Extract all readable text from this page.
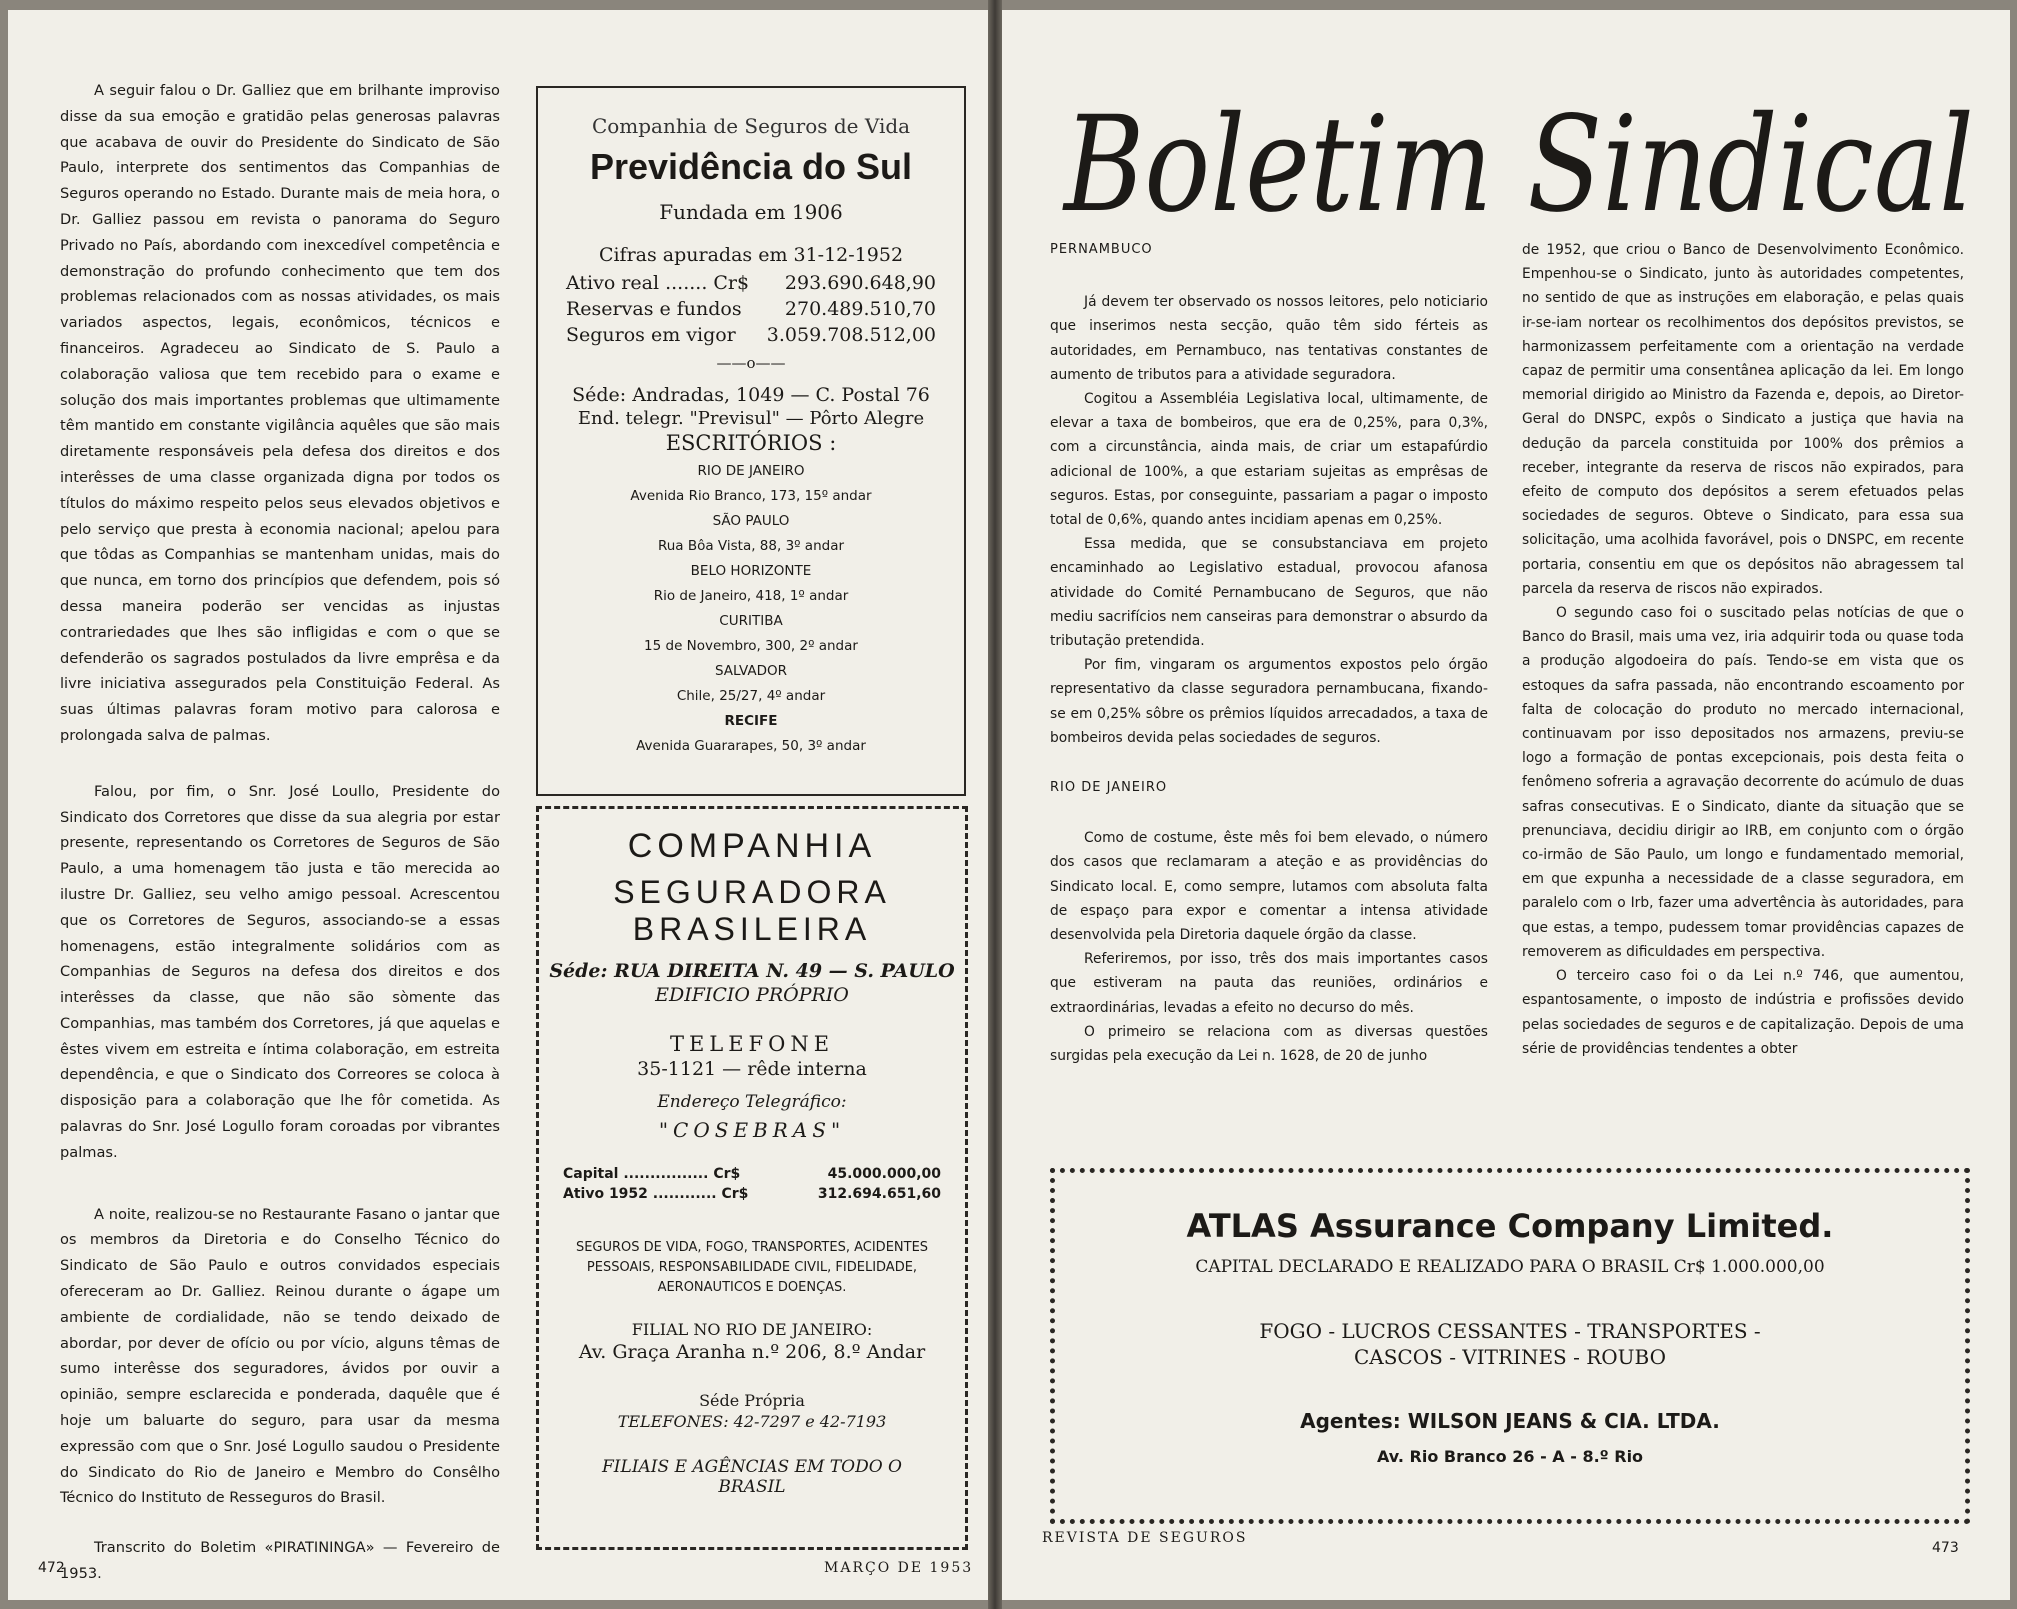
A seguir falou o Dr. Galliez que em brilhante improviso disse da sua emoção e gratidão pelas generosas palavras que acabava de ouvir do Presidente do Sindicato de São Paulo, interprete dos sentimentos das Companhias de Seguros operando no Estado. Durante mais de meia hora, o Dr. Galliez passou em revista o panorama do Seguro Privado no País, abordando com inexcedível competência e demonstração do profundo conhecimento que tem dos problemas relacionados com as nossas atividades, os mais variados aspectos, legais, econômicos, técnicos e financeiros. Agradeceu ao Sindicato de S. Paulo a colaboração valiosa que tem recebido para o exame e solução dos mais importantes problemas que ultimamente têm mantido em constante vigilância aquêles que são mais diretamente responsáveis pela defesa dos direitos e dos interêsses de uma classe organizada digna por todos os títulos do máximo respeito pelos seus elevados objetivos e pelo serviço que presta à economia nacional; apelou para que tôdas as Companhias se mantenham unidas, mais do que nunca, em torno dos princípios que defendem, pois só dessa maneira poderão ser vencidas as injustas contrariedades que lhes são infligidas e com o que se defenderão os sagrados postulados da livre emprêsa e da livre iniciativa assegurados pela Constituição Federal. As suas últimas palavras foram motivo para calorosa e prolongada salva de palmas.

Falou, por fim, o Snr. José Loullo, Presidente do Sindicato dos Corretores que disse da sua alegria por estar presente, representando os Corretores de Seguros de São Paulo, a uma homenagem tão justa e tão merecida ao ilustre Dr. Galliez, seu velho amigo pessoal. Acrescentou que os Corretores de Seguros, associando-se a essas homenagens, estão integralmente solidários com as Companhias de Seguros na defesa dos direitos e dos interêsses da classe, que não são sòmente das Companhias, mas também dos Corretores, já que aquelas e êstes vivem em estreita e íntima colaboração, em estreita dependência, e que o Sindicato dos Correores se coloca à disposição para a colaboração que lhe fôr cometida. As palavras do Snr. José Logullo foram coroadas por vibrantes palmas.

A noite, realizou-se no Restaurante Fasano o jantar que os membros da Diretoria e do Conselho Técnico do Sindicato de São Paulo e outros convidados especiais ofereceram ao Dr. Galliez. Reinou durante o ágape um ambiente de cordialidade, não se tendo deixado de abordar, por dever de ofício ou por vício, alguns têmas de sumo interêsse dos seguradores, ávidos por ouvir a opinião, sempre esclarecida e ponderada, daquêle que é hoje um baluarte do seguro, para usar da mesma expressão com que o Snr. José Logullo saudou o Presidente do Sindicato do Rio de Janeiro e Membro do Consêlho Técnico do Instituto de Resseguros do Brasil.

Transcrito do Boletim «PIRATININGA» — Fevereiro de 1953.

Companhia de Seguros de Vida
Previdência do Sul
Fundada em 1906
Cifras apuradas em 31-12-1952
Ativo real ....... Cr$ 293.690.648,90
Reservas e fundos 270.489.510,70
Seguros em vigor 3.059.708.512,00
——o——
Séde: Andradas, 1049 — C. Postal 76
End. telegr. "Previsul" — Pôrto Alegre
ESCRITÓRIOS :
RIO DE JANEIRO
Avenida Rio Branco, 173, 15º andar
SÃO PAULO
Rua Bôa Vista, 88, 3º andar
BELO HORIZONTE
Rio de Janeiro, 418, 1º andar
CURITIBA
15 de Novembro, 300, 2º andar
SALVADOR
Chile, 25/27, 4º andar
RECIFE
Avenida Guararapes, 50, 3º andar
COMPANHIA
SEGURADORA BRASILEIRA
Séde: RUA DIREITA N. 49 — S. PAULO
EDIFICIO PRÓPRIO
TELEFONE
35-1121 — rêde interna
Endereço Telegráfico:
"COSEBRAS"
Capital ................ Cr$	45.000.000,00
Ativo 1952 ............ Cr$	312.694.651,60
SEGUROS DE VIDA, FOGO, TRANSPORTES, ACIDENTES PESSOAIS, RESPONSABILIDADE CIVIL, FIDELIDADE, AERONAUTICOS E DOENÇAS.
FILIAL NO RIO DE JANEIRO:
Av. Graça Aranha n.º 206, 8.º Andar
Séde Própria
TELEFONES: 42-7297 e 42-7193
FILIAIS E AGÊNCIAS EM TODO O BRASIL
472	MARÇO DE 1953
Boletim Sindical
PERNAMBUCO

Já devem ter observado os nossos leitores, pelo noticiario que inserimos nesta secção, quão têm sido férteis as autoridades, em Pernambuco, nas tentativas constantes de aumento de tributos para a atividade seguradora.

Cogitou a Assembléia Legislativa local, ultimamente, de elevar a taxa de bombeiros, que era de 0,25%, para 0,3%, com a circunstância, ainda mais, de criar um estapafúrdio adicional de 100%, a que estariam sujeitas as emprêsas de seguros. Estas, por conseguinte, passariam a pagar o imposto total de 0,6%, quando antes incidiam apenas em 0,25%.

Essa medida, que se consubstanciava em projeto encaminhado ao Legislativo estadual, provocou afanosa atividade do Comité Pernambucano de Seguros, que não mediu sacrifícios nem canseiras para demonstrar o absurdo da tributação pretendida.

Por fim, vingaram os argumentos expostos pelo órgão representativo da classe seguradora pernambucana, fixando-se em 0,25% sôbre os prêmios líquidos arrecadados, a taxa de bombeiros devida pelas sociedades de seguros.

RIO DE JANEIRO

Como de costume, êste mês foi bem elevado, o número dos casos que reclamaram a ateção e as providências do Sindicato local. E, como sempre, lutamos com absoluta falta de espaço para expor e comentar a intensa atividade desenvolvida pela Diretoria daquele órgão da classe.

Referiremos, por isso, três dos mais importantes casos que estiveram na pauta das reuniões, ordinários e extraordinárias, levadas a efeito no decurso do mês.

O primeiro se relaciona com as diversas questões surgidas pela execução da Lei n. 1628, de 20 de junho

de 1952, que criou o Banco de Desenvolvimento Econômico. Empenhou-se o Sindicato, junto às autoridades competentes, no sentido de que as instruções em elaboração, e pelas quais ir-se-iam nortear os recolhimentos dos depósitos previstos, se harmonizassem perfeitamente com a orientação na verdade capaz de permitir uma consentânea aplicação da lei. Em longo memorial dirigido ao Ministro da Fazenda e, depois, ao Diretor-Geral do DNSPC, expôs o Sindicato a justiça que havia na dedução da parcela constituida por 100% dos prêmios a receber, integrante da reserva de riscos não expirados, para efeito de computo dos depósitos a serem efetuados pelas sociedades de seguros. Obteve o Sindicato, para essa sua solicitação, uma acolhida favorável, pois o DNSPC, em recente portaria, consentiu em que os depósitos não abragessem tal parcela da reserva de riscos não expirados.

O segundo caso foi o suscitado pelas notícias de que o Banco do Brasil, mais uma vez, iria adquirir toda ou quase toda a produção algodoeira do país. Tendo-se em vista que os estoques da safra passada, não encontrando escoamento por falta de colocação do produto no mercado internacional, continuavam por isso depositados nos armazens, previu-se logo a formação de pontas excepcionais, pois desta feita o fenômeno sofreria a agravação decorrente do acúmulo de duas safras consecutivas. E o Sindicato, diante da situação que se prenunciava, decidiu dirigir ao IRB, em conjunto com o órgão co-irmão de São Paulo, um longo e fundamentado memorial, em que expunha a necessidade de a classe seguradora, em paralelo com o Irb, fazer uma advertência às autoridades, para que estas, a tempo, pudessem tomar providências capazes de removerem as dificuldades em perspectiva.

O terceiro caso foi o da Lei n.º 746, que aumentou, espantosamente, o imposto de indústria e profissões devido pelas sociedades de seguros e de capitalização. Depois de uma série de providências tendentes a obter

ATLAS Assurance Company Limited.
CAPITAL DECLARADO E REALIZADO PARA O BRASIL Cr$ 1.000.000,00
FOGO - LUCROS CESSANTES - TRANSPORTES -
CASCOS - VITRINES - ROUBO
Agentes: WILSON JEANS & CIA. LTDA.
Av. Rio Branco 26 - A - 8.º Rio
REVISTA DE SEGUROS
473
